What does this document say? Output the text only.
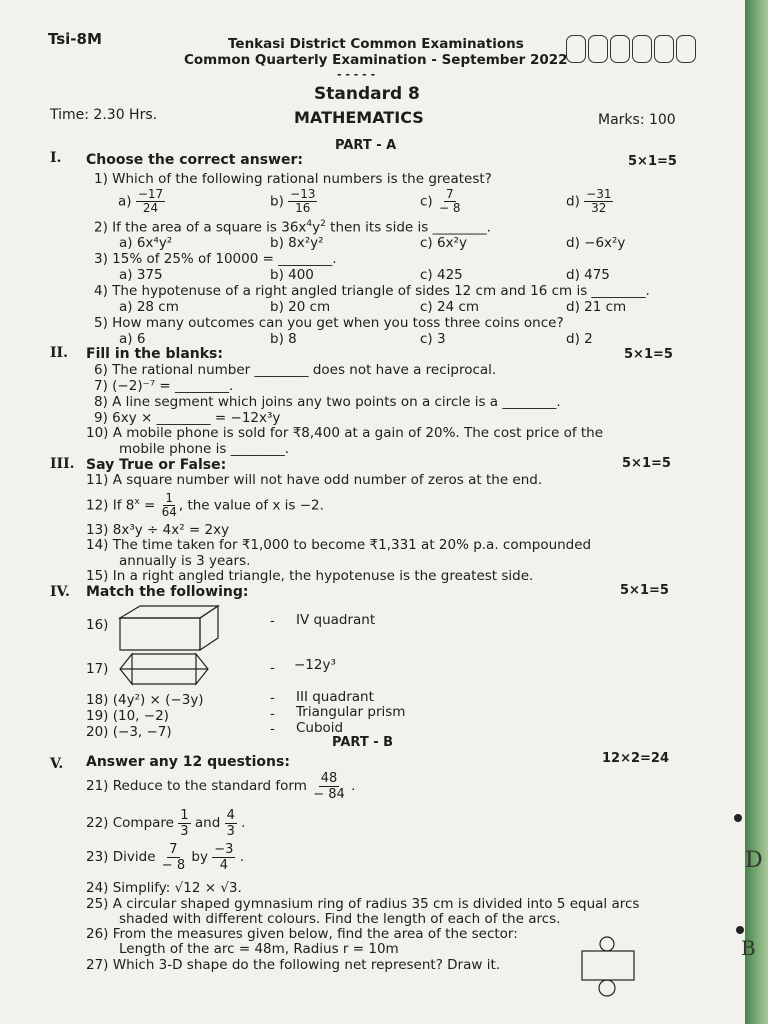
Tsi-8M	Tenkasi District Common Examinations
Common Quarterly Examination - September 2022
- - - - -
Standard 8
Time: 2.30 Hrs.	MATHEMATICS	Marks: 100
PART - A
I. Choose the correct answer:	5×1=5
1) Which of the following rational numbers is the greatest?
$a) \frac{-17}{24}$	$b) \frac{-13}{16}$	$c) \frac{7}{- 8}$	$d) \frac{-31}{32}$
2) If the area of a square is $36x^4y^2$ then its side is ________.
a) 6x⁴y²	b) 8x²y²	c) 6x²y	d) −6x²y
3) 15% of 25% of 10000 = ________.
a) 375	b) 400	c) 425	d) 475
4) The hypotenuse of a right angled triangle of sides 12 cm and 16 cm is ________.
a) 28 cm	b) 20 cm	c) 24 cm	d) 21 cm
5) How many outcomes can you get when you toss three coins once?
a) 6	b) 8	c) 3	d) 2
II. Fill in the blanks:	5×1=5
6) The rational number ________ does not have a reciprocal.
7) (−2)⁻⁷ = ________.
8) A line segment which joins any two points on a circle is a ________.
9) 6xy × ________ = −12x³y
10) A mobile phone is sold for ₹8,400 at a gain of 20%. The cost price of the
mobile phone is ________.
III. Say True or False:	5×1=5
11) A square number will not have odd number of zeros at the end.
12) If $8^x = \frac{1}{64}$ , the value of x is −2.
13) 8x³y ÷ 4x² = 2xy
14) The time taken for ₹1,000 to become ₹1,331 at 20% p.a. compounded
annually is 3 years.
15) In a right angled triangle, the hypotenuse is the greatest side.
IV. Match the following:	5×1=5
16)	- IV quadrant
17)	- −12y³
18) (4y²) × (−3y)	- III quadrant
19) (10, −2)	- Triangular prism
20) (−3, −7)	- Cuboid
PART - B
V. Answer any 12 questions:	12×2=24
21) Reduce to the standard form $\frac{48}{- 84}$ .
22) Compare $\frac{1}{3}$ and $\frac{4}{3}$ .
23) Divide $\frac{7}{- 8}$ by $\frac{-3}{4}$ .
24) Simplify: √12 × √3.
25) A circular shaped gymnasium ring of radius 35 cm is divided into 5 equal arcs
shaded with different colours. Find the length of each of the arcs.
26) From the measures given below, find the area of the sector:
Length of the arc = 48m, Radius r = 10m
27) Which 3-D shape do the following net represent? Draw it.
D
B
